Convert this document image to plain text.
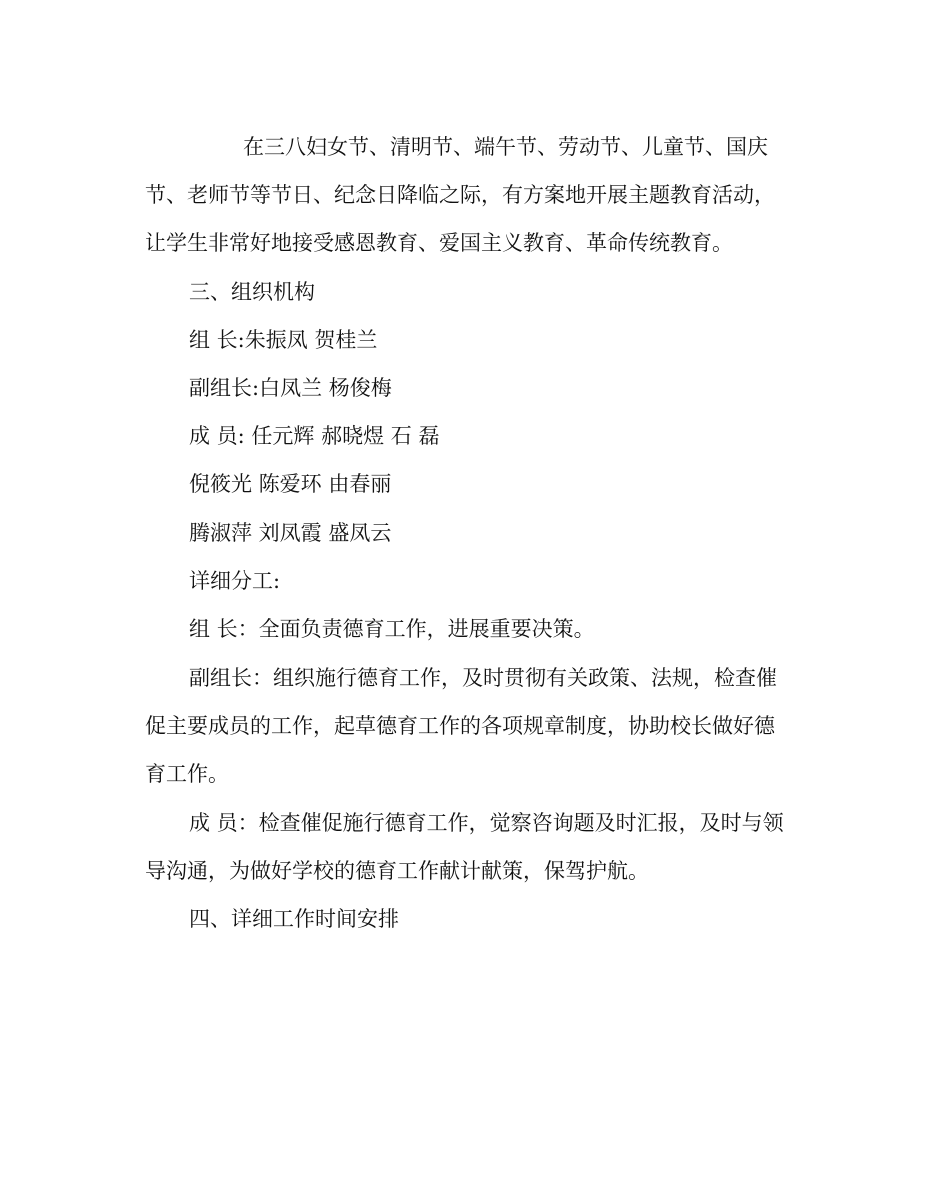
在三八妇女节、清明节、端午节、劳动节、儿童节、国庆
节、老师节等节日、纪念日降临之际，有方案地开展主题教育活动，
让学生非常好地接受感恩教育、爱国主义教育、革命传统教育。
三、组织机构
组 长:朱振凤 贺桂兰
副组长:白凤兰 杨俊梅
成 员: 任元辉 郝晓煜 石 磊
倪筱光 陈爱环 由春丽
腾淑萍 刘凤霞 盛凤云
详细分工:
组 长：全面负责德育工作，进展重要决策。
副组长：组织施行德育工作，及时贯彻有关政策、法规，检查催
促主要成员的工作，起草德育工作的各项规章制度，协助校长做好德
育工作。
成 员：检查催促施行德育工作，觉察咨询题及时汇报，及时与领
导沟通，为做好学校的德育工作献计献策，保驾护航。
四、详细工作时间安排
